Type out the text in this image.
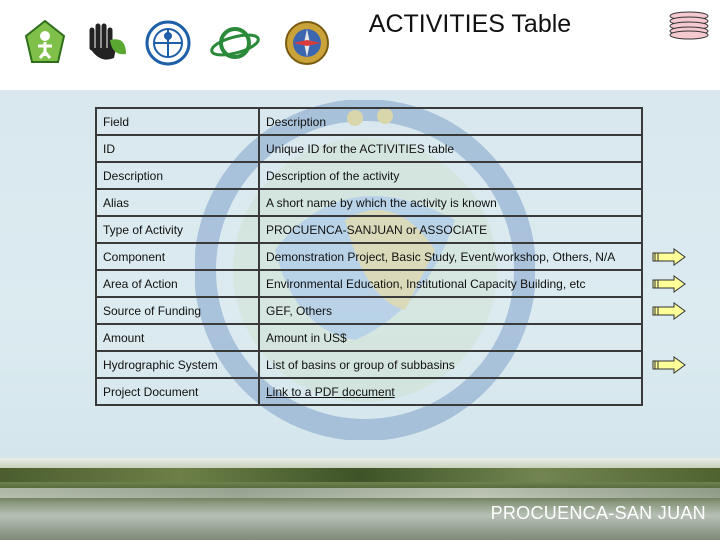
ACTIVITIES Table
Field	Description
ID	Unique ID for the ACTIVITIES table
Description	Description of the activity
Alias	A short name by which the activity is known
Type of Activity	PROCUENCA-SANJUAN or ASSOCIATE
Component	Demonstration Project, Basic Study, Event/workshop, Others, N/A
Area of Action	Environmental Education, Institutional Capacity Building, etc
Source of Funding	GEF, Others
Amount	Amount in US$
Hydrographic System	List of basins or group of subbasins
Project Document	Link to a PDF document
PROCUENCA-SAN JUAN
